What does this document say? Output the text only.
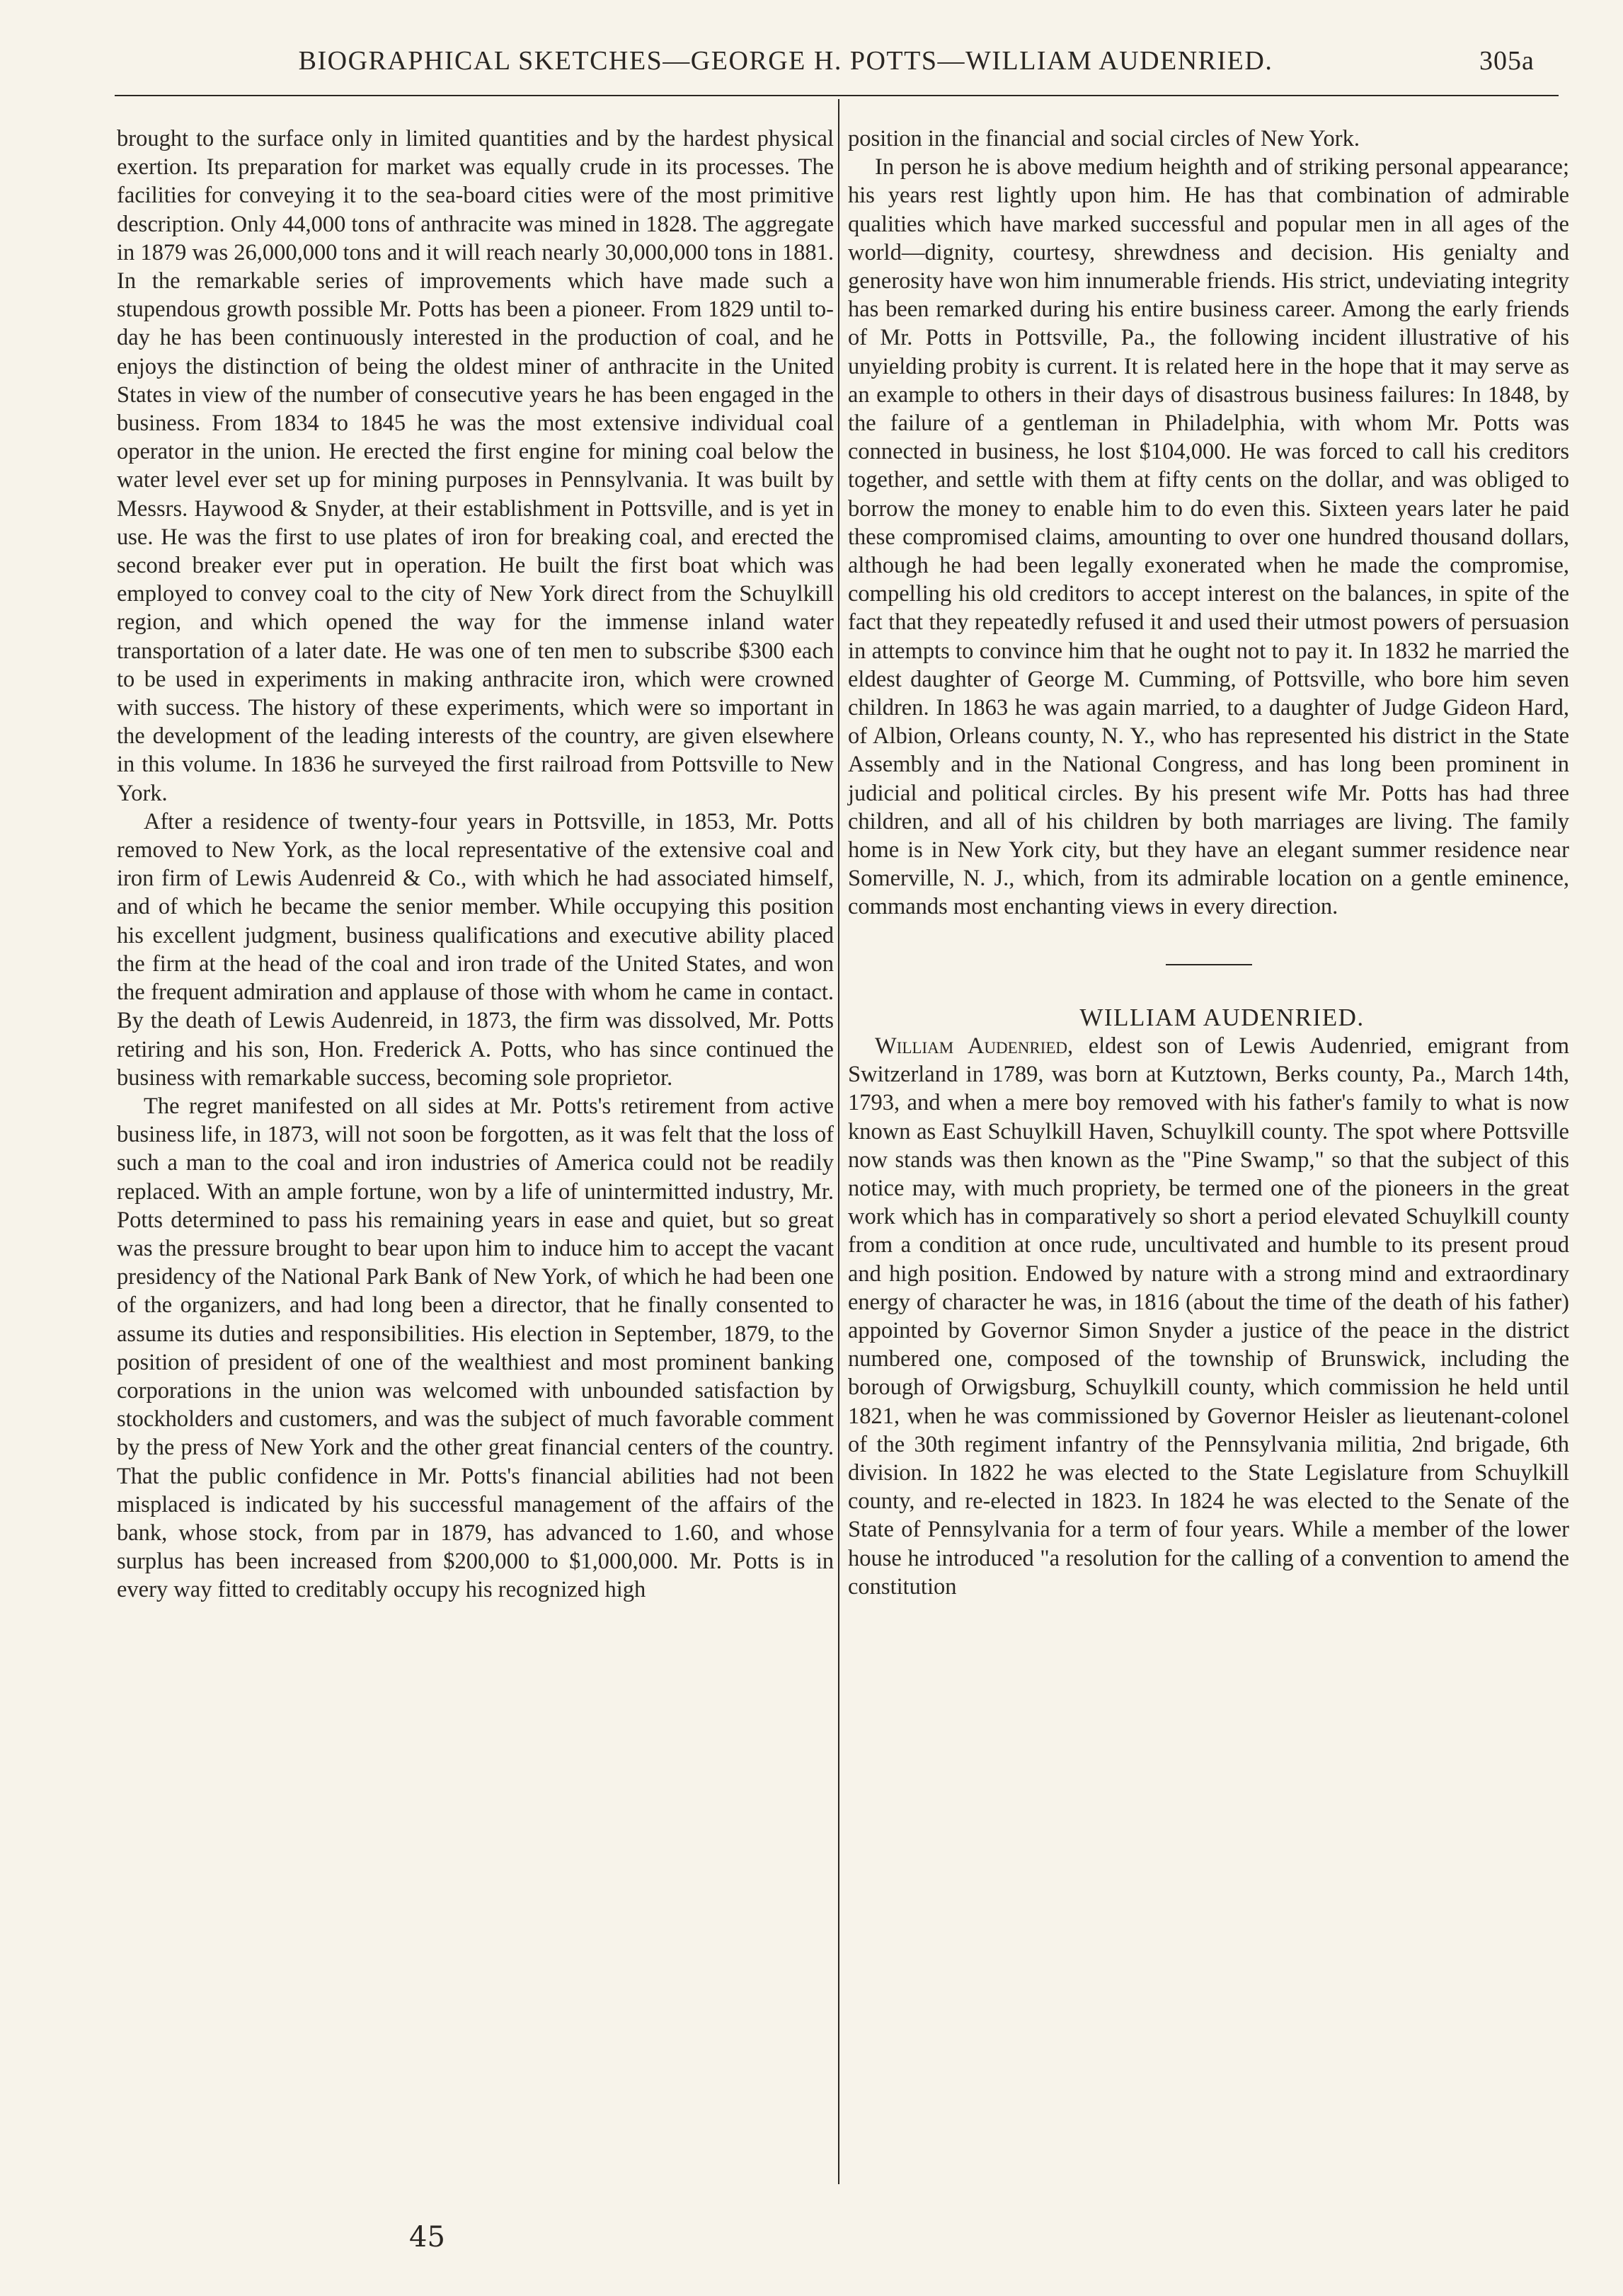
BIOGRAPHICAL SKETCHES—GEORGE H. POTTS—WILLIAM AUDENRIED.	305a

brought to the surface only in limited quantities and by the hardest physical exertion. Its preparation for market was equally crude in its processes. The facilities for conveying it to the sea-board cities were of the most primitive description. Only 44,000 tons of anthracite was mined in 1828. The aggregate in 1879 was 26,000,000 tons and it will reach nearly 30,000,000 tons in 1881. In the remarkable series of improvements which have made such a stupendous growth possible Mr. Potts has been a pioneer. From 1829 until to-day he has been continuously interested in the production of coal, and he enjoys the distinction of being the oldest miner of anthracite in the United States in view of the number of consecutive years he has been engaged in the business. From 1834 to 1845 he was the most extensive individual coal operator in the union. He erected the first engine for mining coal below the water level ever set up for mining purposes in Pennsylvania. It was built by Messrs. Haywood & Snyder, at their establishment in Pottsville, and is yet in use. He was the first to use plates of iron for breaking coal, and erected the second breaker ever put in operation. He built the first boat which was employed to convey coal to the city of New York direct from the Schuylkill region, and which opened the way for the immense inland water transportation of a later date. He was one of ten men to subscribe $300 each to be used in experiments in making anthracite iron, which were crowned with success. The history of these experiments, which were so important in the development of the leading interests of the country, are given elsewhere in this volume. In 1836 he surveyed the first railroad from Pottsville to New York.

After a residence of twenty-four years in Pottsville, in 1853, Mr. Potts removed to New York, as the local representative of the extensive coal and iron firm of Lewis Audenreid & Co., with which he had associated himself, and of which he became the senior member. While occupying this position his excellent judgment, business qualifications and executive ability placed the firm at the head of the coal and iron trade of the United States, and won the frequent admiration and applause of those with whom he came in contact. By the death of Lewis Audenreid, in 1873, the firm was dissolved, Mr. Potts retiring and his son, Hon. Frederick A. Potts, who has since continued the business with remarkable success, becoming sole proprietor.

The regret manifested on all sides at Mr. Potts's retirement from active business life, in 1873, will not soon be forgotten, as it was felt that the loss of such a man to the coal and iron industries of America could not be readily replaced. With an ample fortune, won by a life of unintermitted industry, Mr. Potts determined to pass his remaining years in ease and quiet, but so great was the pressure brought to bear upon him to induce him to accept the vacant presidency of the National Park Bank of New York, of which he had been one of the organizers, and had long been a director, that he finally consented to assume its duties and responsibilities. His election in September, 1879, to the position of president of one of the wealthiest and most prominent banking corporations in the union was welcomed with unbounded satisfaction by stockholders and customers, and was the subject of much favorable comment by the press of New York and the other great financial centers of the country. That the public confidence in Mr. Potts's financial abilities had not been misplaced is indicated by his successful management of the affairs of the bank, whose stock, from par in 1879, has advanced to 1.60, and whose surplus has been increased from $200,000 to $1,000,000. Mr. Potts is in every way fitted to creditably occupy his recognized high

position in the financial and social circles of New York.

In person he is above medium heighth and of striking personal appearance; his years rest lightly upon him. He has that combination of admirable qualities which have marked successful and popular men in all ages of the world—dignity, courtesy, shrewdness and decision. His genialty and generosity have won him innumerable friends. His strict, undeviating integrity has been remarked during his entire business career. Among the early friends of Mr. Potts in Pottsville, Pa., the following incident illustrative of his unyielding probity is current. It is related here in the hope that it may serve as an example to others in their days of disastrous business failures: In 1848, by the failure of a gentleman in Philadelphia, with whom Mr. Potts was connected in business, he lost $104,000. He was forced to call his creditors together, and settle with them at fifty cents on the dollar, and was obliged to borrow the money to enable him to do even this. Sixteen years later he paid these compromised claims, amounting to over one hundred thousand dollars, although he had been legally exonerated when he made the compromise, compelling his old creditors to accept interest on the balances, in spite of the fact that they repeatedly refused it and used their utmost powers of persuasion in attempts to convince him that he ought not to pay it. In 1832 he married the eldest daughter of George M. Cumming, of Pottsville, who bore him seven children. In 1863 he was again married, to a daughter of Judge Gideon Hard, of Albion, Orleans county, N. Y., who has represented his district in the State Assembly and in the National Congress, and has long been prominent in judicial and political circles. By his present wife Mr. Potts has had three children, and all of his children by both marriages are living. The family home is in New York city, but they have an elegant summer residence near Somerville, N. J., which, from its admirable location on a gentle eminence, commands most enchanting views in every direction.

WILLIAM AUDENRIED.

William Audenried, eldest son of Lewis Audenried, emigrant from Switzerland in 1789, was born at Kutztown, Berks county, Pa., March 14th, 1793, and when a mere boy removed with his father's family to what is now known as East Schuylkill Haven, Schuylkill county. The spot where Pottsville now stands was then known as the "Pine Swamp," so that the subject of this notice may, with much propriety, be termed one of the pioneers in the great work which has in comparatively so short a period elevated Schuylkill county from a condition at once rude, uncultivated and humble to its present proud and high position. Endowed by nature with a strong mind and extraordinary energy of character he was, in 1816 (about the time of the death of his father) appointed by Governor Simon Snyder a justice of the peace in the district numbered one, composed of the township of Brunswick, including the borough of Orwigsburg, Schuylkill county, which commission he held until 1821, when he was commissioned by Governor Heisler as lieutenant-colonel of the 30th regiment infantry of the Pennsylvania militia, 2nd brigade, 6th division. In 1822 he was elected to the State Legislature from Schuylkill county, and re-elected in 1823. In 1824 he was elected to the Senate of the State of Pennsylvania for a term of four years. While a member of the lower house he introduced "a resolution for the calling of a convention to amend the constitution

45
